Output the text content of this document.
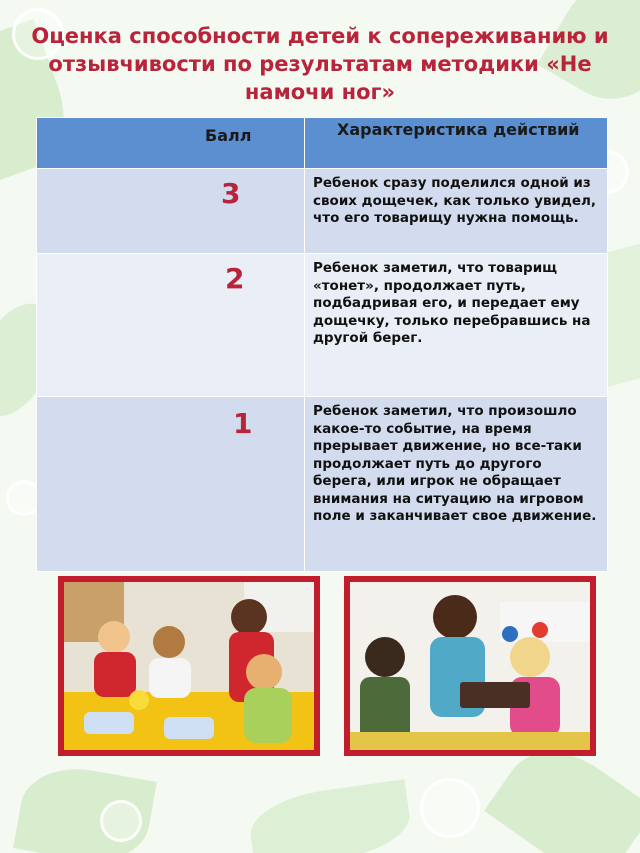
Оценка способности детей к сопереживанию и отзывчивости по результатам методики «Не намочи ног»
Балл	Характеристика действий
3	Ребенок сразу поделился одной из своих дощечек, как только увидел, что его товарищу нужна помощь.
2	Ребенок заметил, что товарищ «тонет», продолжает путь, подбадривая его, и передает ему дощечку, только перебравшись на другой берег.
1	Ребенок заметил, что произошло какое-то событие, на время прерывает движение, но все-таки продолжает путь до другого берега, или игрок не обращает внимания на ситуацию на игровом поле и заканчивает свое движение.
